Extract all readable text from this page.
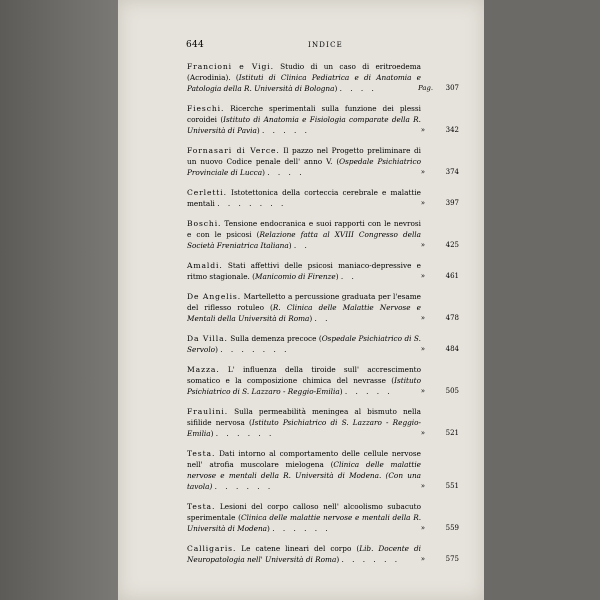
644	INDICE
Francioni e Vigi. Studio di un caso di eritroedema (Acrodinia). (Istituti di Clinica Pediatrica e di Anatomia e Patologia della R. Università di Bologna) . . . .	Pag.	307
Fieschi. Ricerche sperimentali sulla funzione dei plessi coroidei (Istituto di Anatomia e Fisiologia comparate della R. Università di Pavia) . . . . .	»	342
Fornasari di Verce. Il pazzo nel Progetto preliminare di un nuovo Codice penale dell' anno V. (Ospedale Psichiatrico Provinciale di Lucca) . . . .	»	374
Cerletti. Istotettonica della corteccia cerebrale e malattie mentali . . . . . . .	»	397
Boschi. Tensione endocranica e suoi rapporti con le nevrosi e con le psicosi (Relazione fatta al XVIII Congresso della Società Freniatrica Italiana) . .	»	425
Amaldi. Stati affettivi delle psicosi maniaco-depressive e ritmo stagionale. (Manicomio di Firenze) . .	»	461
De Angelis. Martelletto a percussione graduata per l'esame del riflesso rotuleo (R. Clinica delle Malattie Nervose e Mentali della Università di Roma) . .	»	478
Da Villa. Sulla demenza precoce (Ospedale Psichiatrico di S. Servolo) . . . . . . .	»	484
Mazza. L' influenza della tiroide sull' accrescimento somatico e la composizione chimica del nevrasse (Istituto Psichiatrico di S. Lazzaro - Reggio-Emilia) . . . . .	»	505
Fraulini. Sulla permeabilità meningea al bismuto nella sifilide nervosa (Istituto Psichiatrico di S. Lazzaro - Reggio-Emilia) . . . . . .	»	521
Testa. Dati intorno al comportamento delle cellule nervose nell' atrofia muscolare mielogena (Clinica delle malattie nervose e mentali della R. Università di Modena. (Con una tavola) . . . . . .	»	551
Testa. Lesioni del corpo calloso nell' alcoolismo subacuto sperimentale (Clinica delle malattie nervose e mentali della R. Università di Modena) . . . . . .	»	559
Calligaris. Le catene lineari del corpo (Lib. Docente di Neuropatologia nell' Università di Roma) . . . . . .	»	575
